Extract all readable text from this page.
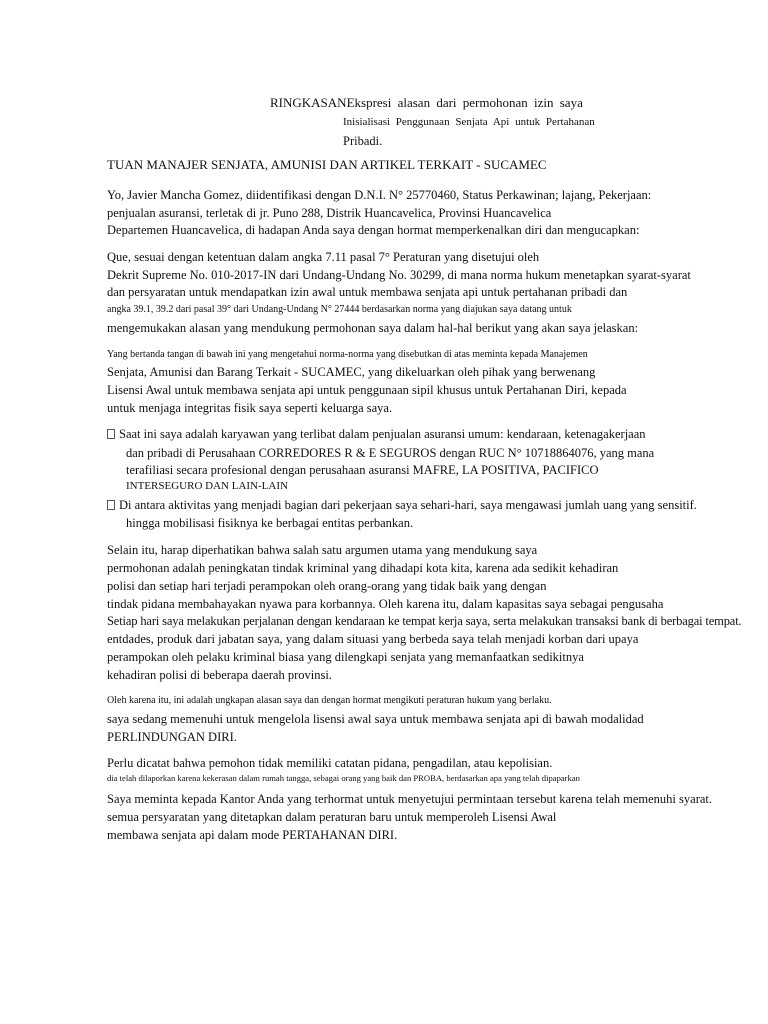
RINGKASANEkspresi alasan dari permohonan izin saya
Inisialisasi Penggunaan Senjata Api untuk Pertahanan
Pribadi.
TUAN MANAJER SENJATA, AMUNISI DAN ARTIKEL TERKAIT - SUCAMEC
Yo, Javier Mancha Gomez, diidentifikasi dengan D.N.I. N° 25770460, Status Perkawinan; lajang, Pekerjaan:
penjualan asuransi, terletak di jr. Puno 288, Distrik Huancavelica, Provinsi Huancavelica
Departemen Huancavelica, di hadapan Anda saya dengan hormat memperkenalkan diri dan mengucapkan:
Que, sesuai dengan ketentuan dalam angka 7.11 pasal 7° Peraturan yang disetujui oleh
Dekrit Supreme No. 010-2017-IN dari Undang-Undang No. 30299, di mana norma hukum menetapkan syarat-syarat
dan persyaratan untuk mendapatkan izin awal untuk membawa senjata api untuk pertahanan pribadi dan
angka 39.1, 39.2 dari pasal 39° dari Undang-Undang N° 27444 berdasarkan norma yang diajukan saya datang untuk
mengemukakan alasan yang mendukung permohonan saya dalam hal-hal berikut yang akan saya jelaskan:
Yang bertanda tangan di bawah ini yang mengetahui norma-norma yang disebutkan di atas meminta kepada Manajemen
Senjata, Amunisi dan Barang Terkait - SUCAMEC, yang dikeluarkan oleh pihak yang berwenang
Lisensi Awal untuk membawa senjata api untuk penggunaan sipil khusus untuk Pertahanan Diri, kepada
untuk menjaga integritas fisik saya seperti keluarga saya.
Saat ini saya adalah karyawan yang terlibat dalam penjualan asuransi umum: kendaraan, ketenagakerjaan
dan pribadi di Perusahaan CORREDORES R & E SEGUROS dengan RUC N° 10718864076, yang mana
terafiliasi secara profesional dengan perusahaan asuransi MAFRE, LA POSITIVA, PACIFICO
INTERSEGURO DAN LAIN-LAIN
Di antara aktivitas yang menjadi bagian dari pekerjaan saya sehari-hari, saya mengawasi jumlah uang yang sensitif.
hingga mobilisasi fisiknya ke berbagai entitas perbankan.
Selain itu, harap diperhatikan bahwa salah satu argumen utama yang mendukung saya
permohonan adalah peningkatan tindak kriminal yang dihadapi kota kita, karena ada sedikit kehadiran
polisi dan setiap hari terjadi perampokan oleh orang-orang yang tidak baik yang dengan
tindak pidana membahayakan nyawa para korbannya. Oleh karena itu, dalam kapasitas saya sebagai pengusaha
Setiap hari saya melakukan perjalanan dengan kendaraan ke tempat kerja saya, serta melakukan transaksi bank di berbagai tempat.
entdades, produk dari jabatan saya, yang dalam situasi yang berbeda saya telah menjadi korban dari upaya
perampokan oleh pelaku kriminal biasa yang dilengkapi senjata yang memanfaatkan sedikitnya
kehadiran polisi di beberapa daerah provinsi.
Oleh karena itu, ini adalah ungkapan alasan saya dan dengan hormat mengikuti peraturan hukum yang berlaku.
saya sedang memenuhi untuk mengelola lisensi awal saya untuk membawa senjata api di bawah modalidad
PERLINDUNGAN DIRI.
Perlu dicatat bahwa pemohon tidak memiliki catatan pidana, pengadilan, atau kepolisian.
dia telah dilaporkan karena kekerasan dalam rumah tangga, sebagai orang yang baik dan PROBA, berdasarkan apa yang telah dipaparkan
Saya meminta kepada Kantor Anda yang terhormat untuk menyetujui permintaan tersebut karena telah memenuhi syarat.
semua persyaratan yang ditetapkan dalam peraturan baru untuk memperoleh Lisensi Awal
membawa senjata api dalam mode PERTAHANAN DIRI.
